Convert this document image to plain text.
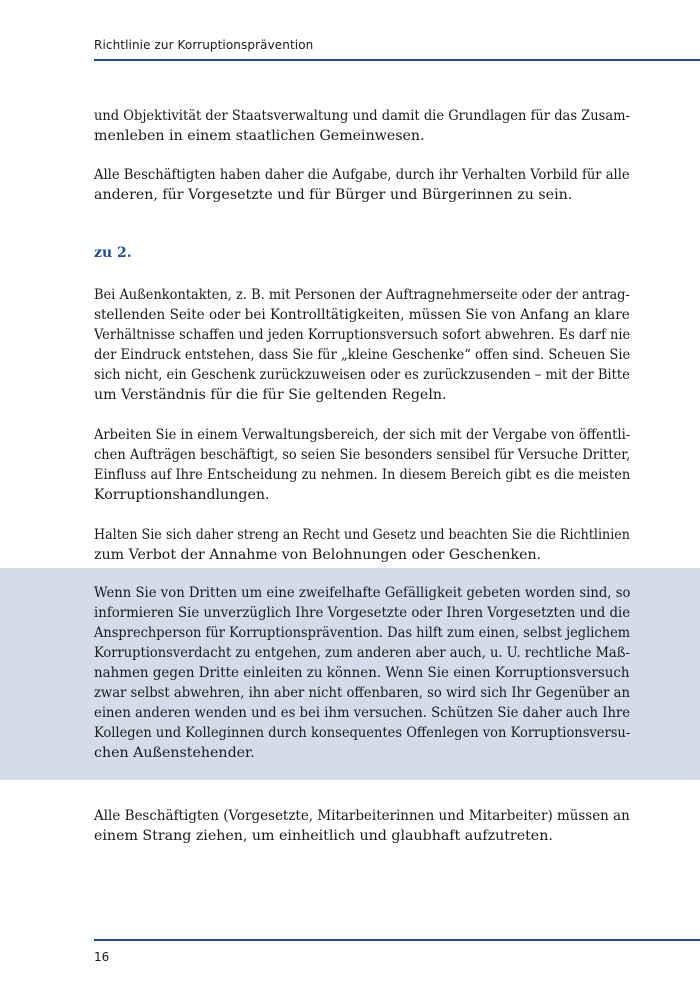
Richtlinie zur Korruptionsprävention

und Objektivität der Staatsverwaltung und damit die Grundlagen für das Zusam-
menleben in einem staatlichen Gemeinwesen.

Alle Beschäftigten haben daher die Aufgabe, durch ihr Verhalten Vorbild für alle
anderen, für Vorgesetzte und für Bürger und Bürgerinnen zu sein.

zu 2.

Bei Außenkontakten, z. B. mit Personen der Auftragnehmerseite oder der antrag-
stellenden Seite oder bei Kontrolltätigkeiten, müssen Sie von Anfang an klare
Verhältnisse schaffen und jeden Korruptionsversuch sofort abwehren. Es darf nie
der Eindruck entstehen, dass Sie für „kleine Geschenke“ offen sind. Scheuen Sie
sich nicht, ein Geschenk zurückzuweisen oder es zurückzusenden – mit der Bitte
um Verständnis für die für Sie geltenden Regeln.

Arbeiten Sie in einem Verwaltungsbereich, der sich mit der Vergabe von öffentli-
chen Aufträgen beschäftigt, so seien Sie besonders sensibel für Versuche Dritter,
Einfluss auf Ihre Entscheidung zu nehmen. In diesem Bereich gibt es die meisten
Korruptionshandlungen.

Halten Sie sich daher streng an Recht und Gesetz und beachten Sie die Richtlinien
zum Verbot der Annahme von Belohnungen oder Geschenken.

Wenn Sie von Dritten um eine zweifelhafte Gefälligkeit gebeten worden sind, so
informieren Sie unverzüglich Ihre Vorgesetzte oder Ihren Vorgesetzten und die
Ansprechperson für Korruptionsprävention. Das hilft zum einen, selbst jeglichem
Korruptionsverdacht zu entgehen, zum anderen aber auch, u. U. rechtliche Maß-
nahmen gegen Dritte einleiten zu können. Wenn Sie einen Korruptionsversuch
zwar selbst abwehren, ihn aber nicht offenbaren, so wird sich Ihr Gegenüber an
einen anderen wenden und es bei ihm versuchen. Schützen Sie daher auch Ihre
Kollegen und Kolleginnen durch konsequentes Offenlegen von Korruptionsversu-
chen Außenstehender.

Alle Beschäftigten (Vorgesetzte, Mitarbeiterinnen und Mitarbeiter) müssen an
einem Strang ziehen, um einheitlich und glaubhaft aufzutreten.

16
